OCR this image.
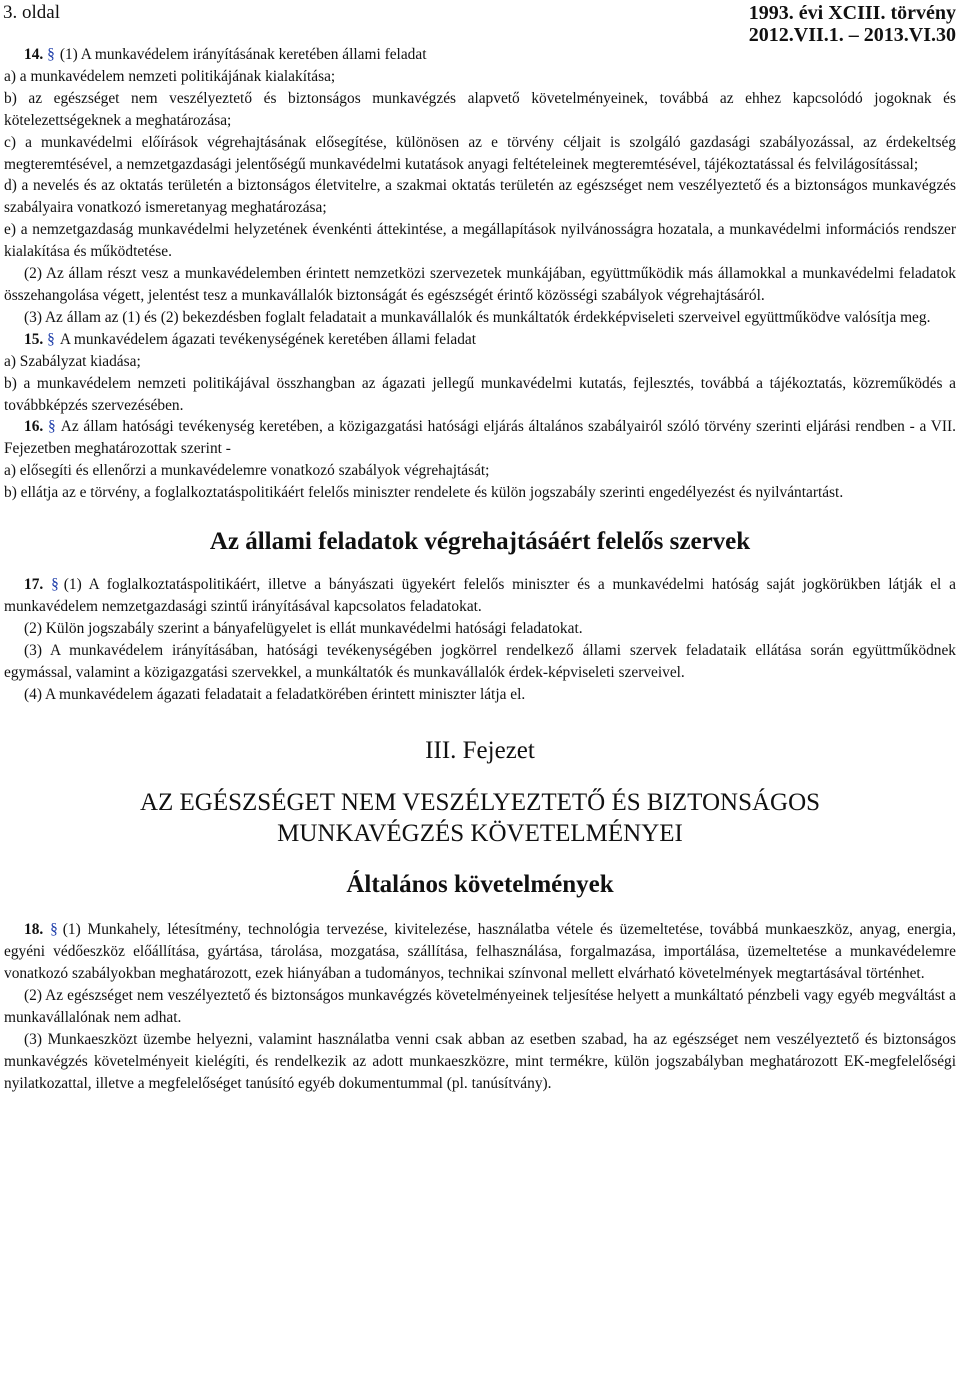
3. oldal	1993. évi XCIII. törvény
2012.VII.1. – 2013.VI.30

14. § (1) A munkavédelem irányításának keretében állami feladat

a) a munkavédelem nemzeti politikájának kialakítása;

b) az egészséget nem veszélyeztető és biztonságos munkavégzés alapvető követelményeinek, továbbá az ehhez kapcsolódó jogoknak és kötelezettségeknek a meghatározása;

c) a munkavédelmi előírások végrehajtásának elősegítése, különösen az e törvény céljait is szolgáló gazdasági szabályozással, az érdekeltség megteremtésével, a nemzetgazdasági jelentőségű munkavédelmi kutatások anyagi feltételeinek megteremtésével, tájékoztatással és felvilágosítással;

d) a nevelés és az oktatás területén a biztonságos életvitelre, a szakmai oktatás területén az egészséget nem veszélyeztető és a biztonságos munkavégzés szabályaira vonatkozó ismeretanyag meghatározása;

e) a nemzetgazdaság munkavédelmi helyzetének évenkénti áttekintése, a megállapítások nyilvánosságra hozatala, a munkavédelmi információs rendszer kialakítása és működtetése.

(2) Az állam részt vesz a munkavédelemben érintett nemzetközi szervezetek munkájában, együttműködik más államokkal a munkavédelmi feladatok összehangolása végett, jelentést tesz a munkavállalók biztonságát és egészségét érintő közösségi szabályok végrehajtásáról.

(3) Az állam az (1) és (2) bekezdésben foglalt feladatait a munkavállalók és munkáltatók érdekképviseleti szerveivel együttműködve valósítja meg.

15. § A munkavédelem ágazati tevékenységének keretében állami feladat

a) Szabályzat kiadása;

b) a munkavédelem nemzeti politikájával összhangban az ágazati jellegű munkavédelmi kutatás, fejlesztés, továbbá a tájékoztatás, közreműködés a továbbképzés szervezésében.

16. § Az állam hatósági tevékenység keretében, a közigazgatási hatósági eljárás általános szabályairól szóló törvény szerinti eljárási rendben - a VII. Fejezetben meghatározottak szerint -

a) elősegíti és ellenőrzi a munkavédelemre vonatkozó szabályok végrehajtását;

b) ellátja az e törvény, a foglalkoztatáspolitikáért felelős miniszter rendelete és külön jogszabály szerinti engedélyezést és nyilvántartást.

Az állami feladatok végrehajtásáért felelős szervek

17. § (1) A foglalkoztatáspolitikáért, illetve a bányászati ügyekért felelős miniszter és a munkavédelmi hatóság saját jogkörükben látják el a munkavédelem nemzetgazdasági szintű irányításával kapcsolatos feladatokat.

(2) Külön jogszabály szerint a bányafelügyelet is ellát munkavédelmi hatósági feladatokat.

(3) A munkavédelem irányításában, hatósági tevékenységében jogkörrel rendelkező állami szervek feladataik ellátása során együttműködnek egymással, valamint a közigazgatási szervekkel, a munkáltatók és munkavállalók érdek-képviseleti szerveivel.

(4) A munkavédelem ágazati feladatait a feladatkörében érintett miniszter látja el.

III. Fejezet
AZ EGÉSZSÉGET NEM VESZÉLYEZTETŐ ÉS BIZTONSÁGOS
MUNKAVÉGZÉS KÖVETELMÉNYEI
Általános követelmények

18. § (1) Munkahely, létesítmény, technológia tervezése, kivitelezése, használatba vétele és üzemeltetése, továbbá munkaeszköz, anyag, energia, egyéni védőeszköz előállítása, gyártása, tárolása, mozgatása, szállítása, felhasználása, forgalmazása, importálása, üzemeltetése a munkavédelemre vonatkozó szabályokban meghatározott, ezek hiányában a tudományos, technikai színvonal mellett elvárható követelmények megtartásával történhet.

(2) Az egészséget nem veszélyeztető és biztonságos munkavégzés követelményeinek teljesítése helyett a munkáltató pénzbeli vagy egyéb megváltást a munkavállalónak nem adhat.

(3) Munkaeszközt üzembe helyezni, valamint használatba venni csak abban az esetben szabad, ha az egészséget nem veszélyeztető és biztonságos munkavégzés követelményeit kielégíti, és rendelkezik az adott munkaeszközre, mint termékre, külön jogszabályban meghatározott EK-megfelelőségi nyilatkozattal, illetve a megfelelőséget tanúsító egyéb dokumentummal (pl. tanúsítvány).
